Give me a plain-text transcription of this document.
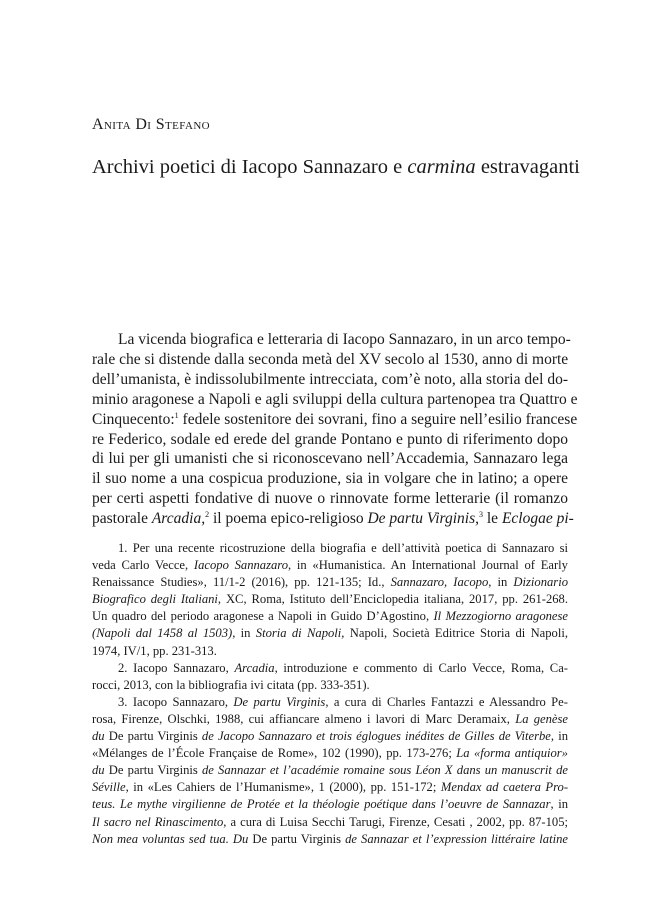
Anita Di Stefano
Archivi poetici di Iacopo Sannazaro e carmina estravaganti
La vicenda biografica e letteraria di Iacopo Sannazaro, in un arco tempo-
rale che si distende dalla seconda metà del XV secolo al 1530, anno di morte
dell’umanista, è indissolubilmente intrecciata, com’è noto, alla storia del do-
minio aragonese a Napoli e agli sviluppi della cultura partenopea tra Quattro e
Cinquecento:$^1$ fedele sostenitore dei sovrani, fino a seguire nell’esilio francese
re Federico, sodale ed erede del grande Pontano e punto di riferimento dopo
di lui per gli umanisti che si riconoscevano nell’Accademia, Sannazaro lega
il suo nome a una cospicua produzione, sia in volgare che in latino; a opere
per certi aspetti fondative di nuove o rinnovate forme letterarie (il romanzo
pastorale Arcadia,$^2$ il poema epico-religioso De partu Virginis,$^3$ le Eclogae pi-
1. Per una recente ricostruzione della biografia e dell’attività poetica di Sannazaro si
veda Carlo Vecce, Iacopo Sannazaro, in «Humanistica. An International Journal of Early
Renaissance Studies», 11/1-2 (2016), pp. 121-135; Id., Sannazaro, Iacopo, in Dizionario
Biografico degli Italiani, XC, Roma, Istituto dell’Enciclopedia italiana, 2017, pp. 261-268.
Un quadro del periodo aragonese a Napoli in Guido D’Agostino, Il Mezzogiorno aragonese
(Napoli dal 1458 al 1503), in Storia di Napoli, Napoli, Società Editrice Storia di Napoli,
1974, IV/1, pp. 231-313.
2. Iacopo Sannazaro, Arcadia, introduzione e commento di Carlo Vecce, Roma, Ca-
rocci, 2013, con la bibliografia ivi citata (pp. 333-351).
3. Iacopo Sannazaro, De partu Virginis, a cura di Charles Fantazzi e Alessandro Pe-
rosa, Firenze, Olschki, 1988, cui affiancare almeno i lavori di Marc Deramaix, La genèse
du De partu Virginis de Jacopo Sannazaro et trois églogues inédites de Gilles de Viterbe, in
«Mélanges de l’École Française de Rome», 102 (1990), pp. 173-276; La «forma antiquior»
du De partu Virginis de Sannazar et l’académie romaine sous Léon X dans un manuscrit de
Séville, in «Les Cahiers de l’Humanisme», 1 (2000), pp. 151-172; Mendax ad caetera Pro-
teus. Le mythe virgilienne de Protée et la théologie poétique dans l’oeuvre de Sannazar, in
Il sacro nel Rinascimento, a cura di Luisa Secchi Tarugi, Firenze, Cesati , 2002, pp. 87-105;
Non mea voluntas sed tua. Du De partu Virginis de Sannazar et l’expression littéraire latine
